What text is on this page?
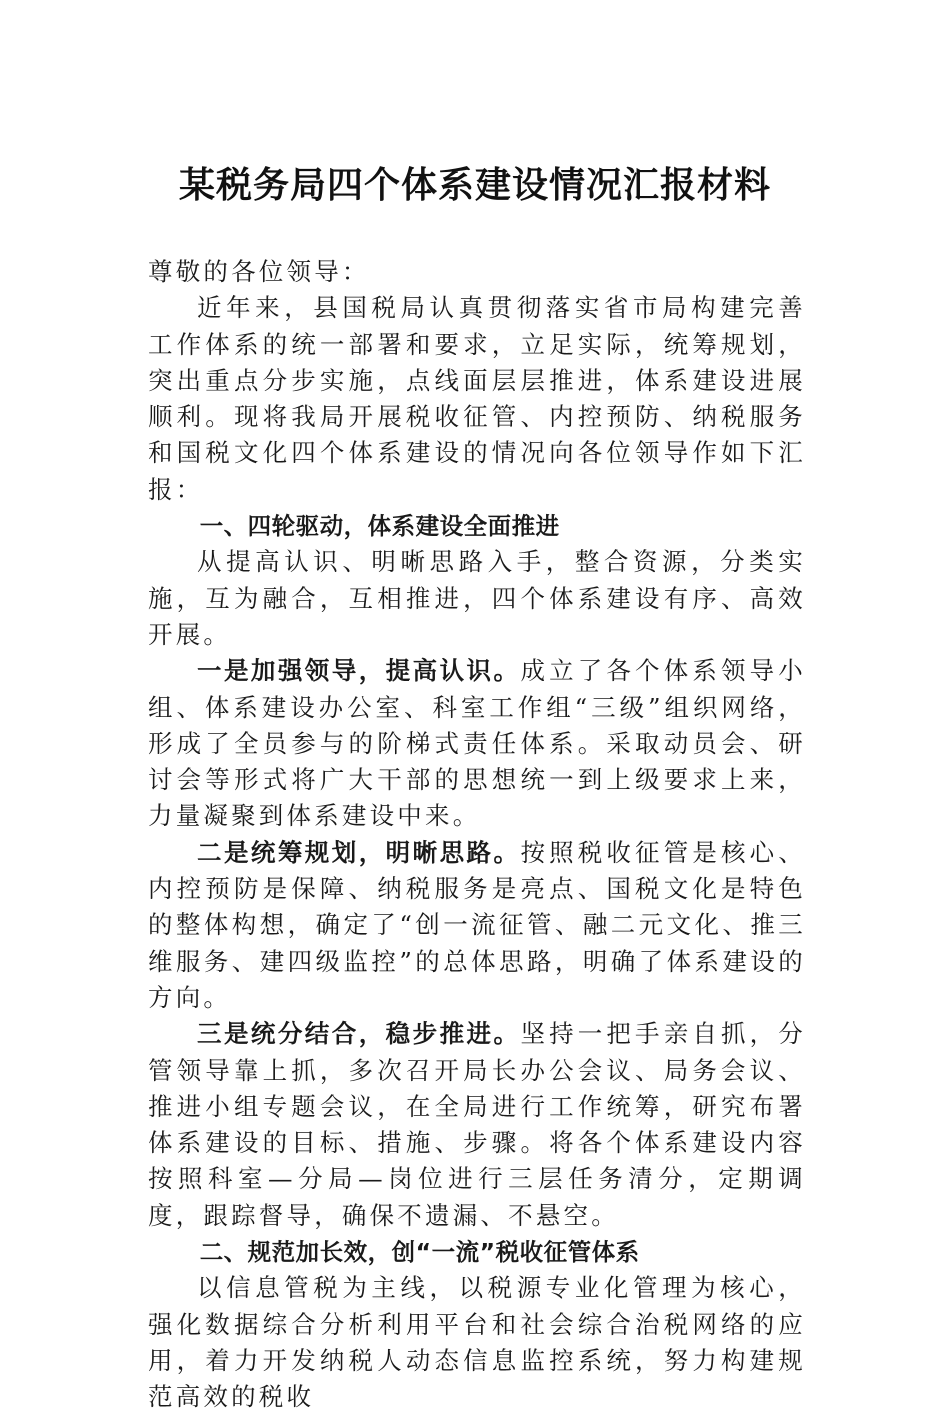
某税务局四个体系建设情况汇报材料

尊敬的各位领导：

近年来，县国税局认真贯彻落实省市局构建完善工作体系的统一部署和要求，立足实际，统筹规划，突出重点分步实施，点线面层层推进，体系建设进展顺利。现将我局开展税收征管、内控预防、纳税服务和国税文化四个体系建设的情况向各位领导作如下汇报：

一、四轮驱动，体系建设全面推进

从提高认识、明晰思路入手，整合资源，分类实施，互为融合，互相推进，四个体系建设有序、高效开展。

一是加强领导，提高认识。成立了各个体系领导小组、体系建设办公室、科室工作组“三级”组织网络，形成了全员参与的阶梯式责任体系。采取动员会、研讨会等形式将广大干部的思想统一到上级要求上来，力量凝聚到体系建设中来。

二是统筹规划，明晰思路。按照税收征管是核心、内控预防是保障、纳税服务是亮点、国税文化是特色的整体构想，确定了“创一流征管、融二元文化、推三维服务、建四级监控”的总体思路，明确了体系建设的方向。

三是统分结合，稳步推进。坚持一把手亲自抓，分管领导靠上抓，多次召开局长办公会议、局务会议、推进小组专题会议，在全局进行工作统筹，研究布署体系建设的目标、措施、步骤。将各个体系建设内容按照科室—分局—岗位进行三层任务清分，定期调度，跟踪督导，确保不遗漏、不悬空。

二、规范加长效，创“一流”税收征管体系

以信息管税为主线，以税源专业化管理为核心，强化数据综合分析利用平台和社会综合治税网络的应用，着力开发纳税人动态信息监控系统，努力构建规范高效的税收
